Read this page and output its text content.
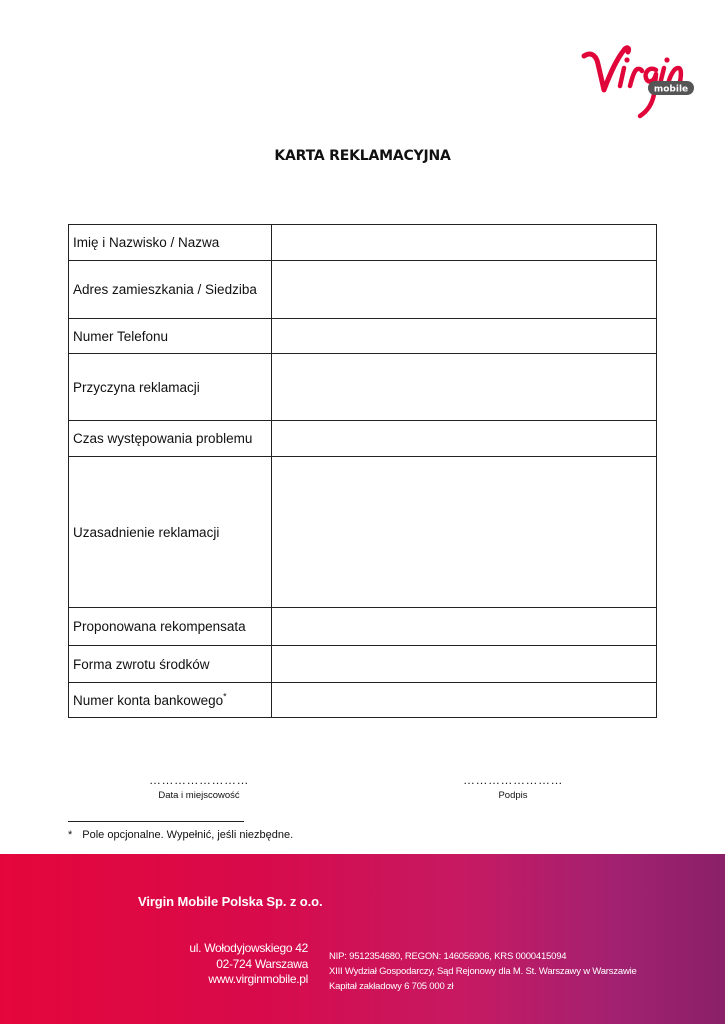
mobile
KARTA REKLAMACYJNA
Imię i Nazwisko / Nazwa	
Adres zamieszkania / Siedziba	
Numer Telefonu	
Przyczyna reklamacji	
Czas występowania problemu	
Uzasadnienie reklamacji	
Proponowana rekompensata	
Forma zwrotu środków	
Numer konta bankowego*	
……………………
Data i miejscowość
……………………
Podpis
* Pole opcjonalne. Wypełnić, jeśli niezbędne.
Virgin Mobile Polska Sp. z o.o.
ul. Wołodyjowskiego 42
02-724 Warszawa
www.virginmobile.pl
NIP: 9512354680, REGON: 146056906, KRS 0000415094
XIII Wydział Gospodarczy, Sąd Rejonowy dla M. St. Warszawy w Warszawie
Kapitał zakładowy 6 705 000 zł
